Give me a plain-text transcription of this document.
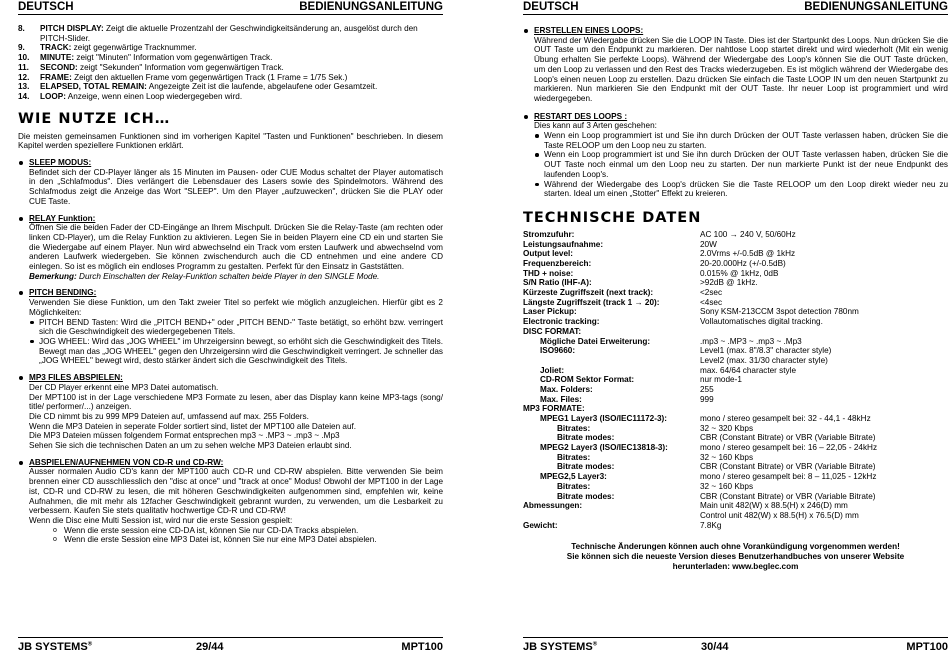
DEUTSCH	BEDIENUNGSANLEITUNG
8. PITCH DISPLAY: Zeigt die aktuelle Prozentzahl der Geschwindigkeitsänderung an, ausgelöst durch den
PITCH-Slider.
9. TRACK: zeigt gegenwärtige Tracknummer.
10. MINUTE: zeigt "Minuten" Information vom gegenwärtigen Track.
11. SECOND: zeigt "Sekunden" Information vom gegenwärtigen Track.
12. FRAME: Zeigt den aktuellen Frame vom gegenwärtigen Track (1 Frame = 1/75 Sek.)
13. ELAPSED, TOTAL REMAIN: Angezeigte Zeit ist die laufende, abgelaufene oder Gesamtzeit.
14. LOOP: Anzeige, wenn einen Loop wiedergegeben wird.
WIE NUTZE ICH…

Die meisten gemeinsamen Funktionen sind im vorherigen Kapitel "Tasten und Funktionen" beschrieben. In diesem Kapitel werden speziellere Funktionen erklärt.

SLEEP MODUS:
Befindet sich der CD-Player länger als 15 Minuten im Pausen- oder CUE Modus schaltet der Player automatisch in den „Schlafmodus". Dies verlängert die Lebensdauer des Lasers sowie des Spindelmotors. Während des Schlafmodus zeigt die Anzeige das Wort "SLEEP". Um den Player „aufzuwecken", drücken Sie die PLAY oder CUE Taste.
RELAY Funktion:
Öffnen Sie die beiden Fader der CD-Eingänge an Ihrem Mischpult. Drücken Sie die Relay-Taste (am rechten oder linken CD-Player), um die Relay Funktion zu aktivieren. Legen Sie in beiden Playern eine CD ein und starten Sie die Wiedergabe auf einem Player. Nun wird abwechselnd ein Track vom ersten Laufwerk und abwechselnd vom anderen Laufwerk wiedergeben. Sie können zwischendurch auch die CD entnehmen und eine andere CD einlegen. So ist es möglich ein endloses Programm zu gestalten. Perfekt für den Einsatz in Gaststätten.
Bemerkung: Durch Einschalten der Relay-Funktion schalten beide Player in den SINGLE Mode.
PITCH BENDING:
Verwenden Sie diese Funktion, um den Takt zweier Titel so perfekt wie möglich anzugleichen. Hierfür gibt es 2 Möglichkeiten:
PITCH BEND Tasten: Wird die „PITCH BEND+" oder „PITCH BEND-" Taste betätigt, so erhöht bzw. verringert sich die Geschwindigkeit des wiedergegebenen Titels.
JOG WHEEL: Wird das „JOG WHEEL" im Uhrzeigersinn bewegt, so erhöht sich die Geschwindigkeit des Titels. Bewegt man das „JOG WHEEL" gegen den Uhrzeigersinn wird die Geschwindigkeit verringert. Je schneller das „JOG WHEEL" bewegt wird, desto stärker ändert sich die Geschwindigkeit des Titels.
MP3 FILES ABSPIELEN:
Der CD Player erkennt eine MP3 Datei automatisch.
Der MPT100 ist in der Lage verschiedene MP3 Formate zu lesen, aber das Display kann keine MP3-tags (song/ title/ performer/...) anzeigen.
Die CD nimmt bis zu 999 MP9 Dateien auf, umfassend auf max. 255 Folders.
Wenn die MP3 Dateien in seperate Folder sortiert sind, listet der MPT100 alle Dateien auf.
Die MP3 Dateien müssen folgendem Format entsprechen mp3 ~ .MP3 ~ .mp3 ~ .Mp3
Sehen Sie sich die technischen Daten an um zu sehen welche MP3 Dateien erlaubt sind.
ABSPIELEN/AUFNEHMEN VON CD-R und CD-RW:
Ausser normalen Audio CD's kann der MPT100 auch CD-R und CD-RW abspielen. Bitte verwenden Sie beim brennen einer CD ausschliesslich den "disc at once" und "track at once" Modus! Obwohl der MPT100 in der Lage ist, CD-R und CD-RW zu lesen, die mit höheren Geschwindigkeiten aufgenommen sind, empfehlen wir, keine Aufnahmen, die mit mehr als 12facher Geschwindigkeit gebrannt wurden, zu verwenden, um die Lesbarkeit zu verbessern. Kaufen Sie stets qualitativ hochwertige CD-R und CD-RW!
Wenn die Disc eine Multi Session ist, wird nur die erste Session gespielt:
o Wenn die erste session eine CD-DA ist, können Sie nur CD-DA Tracks abspielen.
o Wenn die erste Session eine MP3 Datei ist, können Sie nur eine MP3 Datei abspielen.
JB SYSTEMS®	29/44	MPT100
DEUTSCH	BEDIENUNGSANLEITUNG
ERSTELLEN EINES LOOPS:
Während der Wiedergabe drücken Sie die LOOP IN Taste. Dies ist der Startpunkt des Loops. Nun drücken Sie die OUT Taste um den Endpunkt zu markieren. Der nahtlose Loop startet direkt und wird wiederholt (Mit ein wenig Übung erhalten Sie perfekte Loops). Während der Wiedergabe des Loop's können Sie die OUT Taste drücken, um den Loop zu verlassen und den Rest des Tracks wiederzugeben. Es ist möglich während der Wiedergabe des Loop's einen neuen Loop zu erstellen. Dazu drücken Sie einfach die Taste LOOP IN um den neuen Startpunkt zu markieren. Nun markieren Sie den Endpunkt mit der OUT Taste. Ihr neuer Loop ist programmiert und wird wiedergegeben.
RESTART DES LOOPS :
Dies kann auf 3 Arten geschehen:
Wenn ein Loop programmiert ist und Sie ihn durch Drücken der OUT Taste verlassen haben, drücken Sie die Taste RELOOP um den Loop neu zu starten.
Wenn ein Loop programmiert ist und Sie ihn durch Drücken der OUT Taste verlassen haben, drücken Sie die OUT Taste noch einmal um den Loop neu zu starten. Der nun markierte Punkt ist der neue Endpunkt des laufenden Loop's.
Während der Wiedergabe des Loop's drücken Sie die Taste RELOOP um den Loop direkt wieder neu zu starten. Ideal um einen „Stotter" Effekt zu kreieren.
TECHNISCHE DATEN
Stromzufuhr:	AC 100 → 240 V, 50/60Hz
Leistungsaufnahme:	20W
Output level:	2.0Vrms +/-0.5dB @ 1kHz
Frequenzbereich:	20-20.000Hz (+/-0.5dB)
THD + noise:	0.015% @ 1kHz, 0dB
S/N Ratio (IHF-A):	>92dB @ 1kHz.
Kürzeste Zugriffszeit (next track):	<2sec
Längste Zugriffszeit (track 1 → 20):	<4sec
Laser Pickup:	Sony KSM-213CCM 3spot detection 780nm
Electronic tracking:	Vollautomatisches digital tracking.
DISC FORMAT:
Mögliche Datei Erweiterung:	.mp3 ~ .MP3 ~ .mp3 ~ .Mp3
ISO9660:	Level1 (max. 8"/8.3" character style)
Level2 (max. 31/30 character style)
Joliet:	max. 64/64 character style
CD-ROM Sektor Format:	nur mode-1
Max. Folders:	255
Max. Files:	999
MP3 FORMATE:
MPEG1 Layer3 (ISO/IEC11172-3):	mono / stereo gesampelt bei: 32 - 44,1 - 48kHz
Bitrates:	32 ~ 320 Kbps
Bitrate modes:	CBR (Constant Bitrate) or VBR (Variable Bitrate)
MPEG2 Layer3 (ISO/IEC13818-3):	mono / stereo gesampelt bei: 16 – 22,05 - 24kHz
Bitrates:	32 ~ 160 Kbps
Bitrate modes:	CBR (Constant Bitrate) or VBR (Variable Bitrate)
MPEG2,5 Layer3:	mono / stereo gesampelt bei: 8 – 11,025 - 12kHz
Bitrates:	32 ~ 160 Kbps
Bitrate modes:	CBR (Constant Bitrate) or VBR (Variable Bitrate)
Abmessungen:	Main unit 482(W) x 88.5(H) x 246(D) mm
Control unit 482(W) x 88.5(H) x 76.5(D) mm
Gewicht:	7.8Kg
Technische Änderungen können auch ohne Vorankündigung vorgenommen werden!
Sie können sich die neueste Version dieses Benutzerhandbuches von unserer Website
herunterladen: www.beglec.com
JB SYSTEMS®	30/44	MPT100
